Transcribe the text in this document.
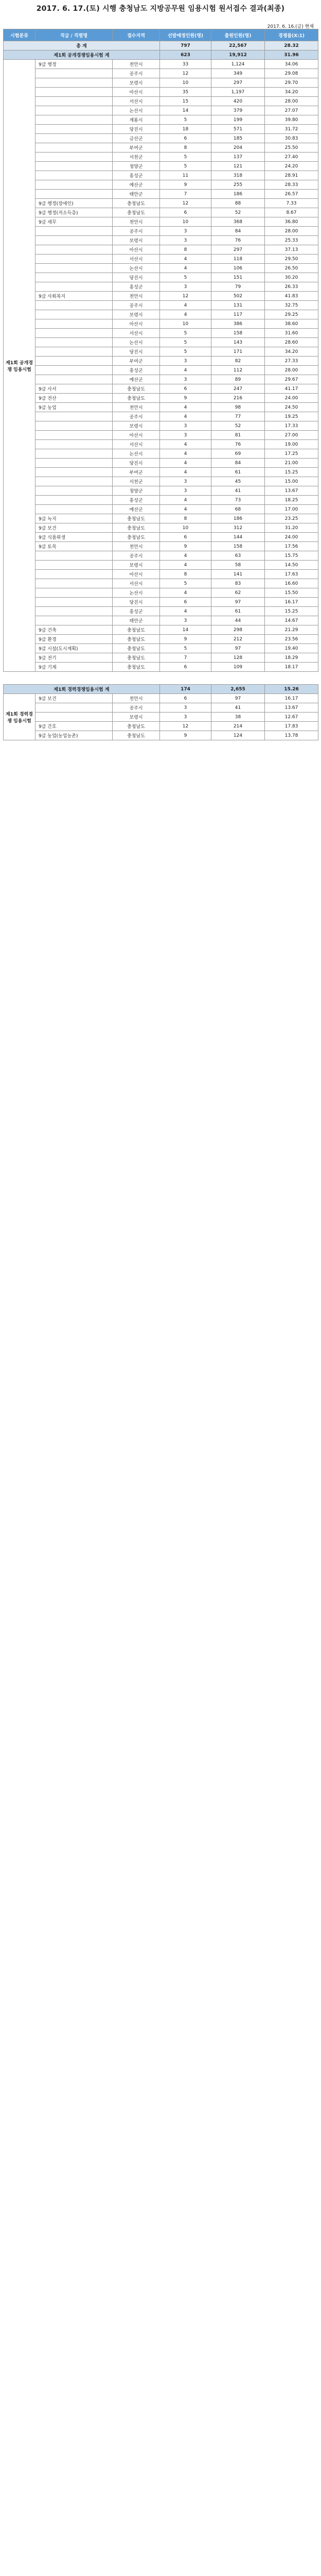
2017. 6. 17.(토) 시행 충청남도 지방공무원 임용시험 원서접수 결과(최종)
2017. 6. 16.(금) 현재
시험분류	직급 / 직렬명	접수지역	선발예정인원(명)	출원인원(명)	경쟁률(X:1)
총 계			797	22,567	28.32
제1회 공개경쟁임용시험 계			623	19,912	31.96
제1회 공개경쟁 임용시험	9급 행정	천안시	33	1,124	34.06
		공주시	12	349	29.08
		보령시	10	297	29.70
		아산시	35	1,197	34.20
		서산시	15	420	28.00
		논산시	14	379	27.07
		계룡시	5	199	39.80
		당진시	18	571	31.72
		금산군	6	185	30.83
		부여군	8	204	25.50
		서천군	5	137	27.40
		청양군	5	121	24.20
		홍성군	11	318	28.91
		예산군	9	255	28.33
		태안군	7	186	26.57
	9급 행정(장애인)	충청남도	12	88	7.33
	9급 행정(저소득층)	충청남도	6	52	8.67
	9급 세무	천안시	10	368	36.80
		공주시	3	84	28.00
		보령시	3	76	25.33
		아산시	8	297	37.13
		서산시	4	118	29.50
		논산시	4	106	26.50
		당진시	5	151	30.20
		홍성군	3	79	26.33
	9급 사회복지	천안시	12	502	41.83
		공주시	4	131	32.75
		보령시	4	117	29.25
		아산시	10	386	38.60
		서산시	5	158	31.60
		논산시	5	143	28.60
		당진시	5	171	34.20
		부여군	3	82	27.33
		홍성군	4	112	28.00
		예산군	3	89	29.67
	9급 사서	충청남도	6	247	41.17
	9급 전산	충청남도	9	216	24.00
	9급 농업	천안시	4	98	24.50
		공주시	4	77	19.25
		보령시	3	52	17.33
		아산시	3	81	27.00
		서산시	4	76	19.00
		논산시	4	69	17.25
		당진시	4	84	21.00
		부여군	4	61	15.25
		서천군	3	45	15.00
		청양군	3	41	13.67
		홍성군	4	73	18.25
		예산군	4	68	17.00
	9급 녹지	충청남도	8	186	23.25
	9급 보건	충청남도	10	312	31.20
	9급 식품위생	충청남도	6	144	24.00
	9급 토목	천안시	9	158	17.56
		공주시	4	63	15.75
		보령시	4	58	14.50
		아산시	8	141	17.63
		서산시	5	83	16.60
		논산시	4	62	15.50
		당진시	6	97	16.17
		홍성군	4	61	15.25
		태안군	3	44	14.67
	9급 건축	충청남도	14	298	21.29
	9급 환경	충청남도	9	212	23.56
	9급 시설(도시계획)	충청남도	5	97	19.40
	9급 전기	충청남도	7	128	18.29
	9급 기계	충청남도	6	109	18.17

제1회 경력경쟁임용시험 계			174	2,655	15.26
제1회 경력경쟁 임용시험	9급 보건	천안시	6	97	16.17
		공주시	3	41	13.67
		보령시	3	38	12.67
	9급 간호	충청남도	12	214	17.83
	9급 농업(농업농촌)	충청남도	9	124	13.78
